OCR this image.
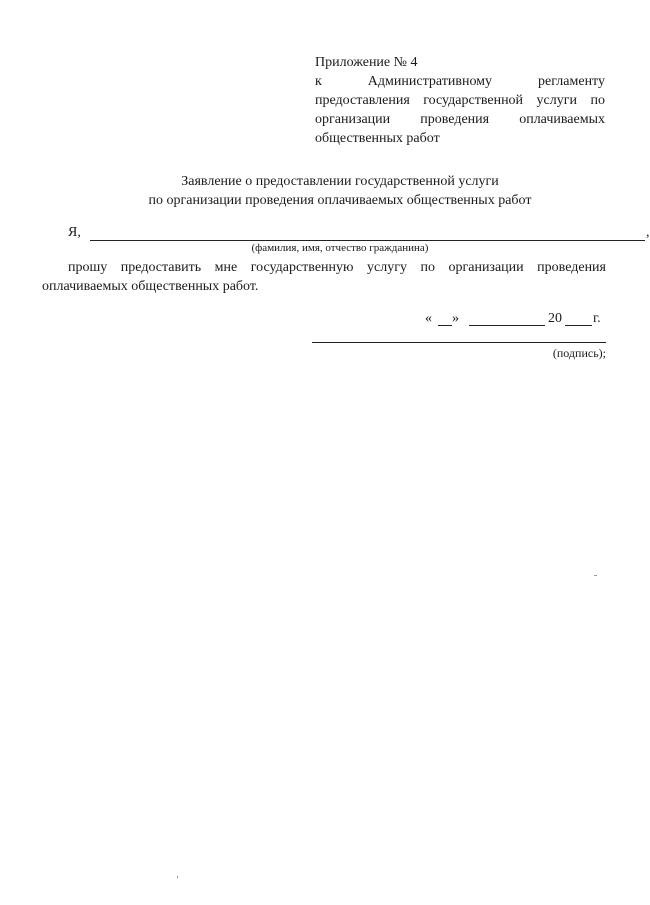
Приложение № 4
к Административному регламенту
предоставления государственной услуги по
организации проведения оплачиваемых
общественных работ
Заявление о предоставлении государственной услуги
по организации проведения оплачиваемых общественных работ
Я,	,
(фамилия, имя, отчество гражданина)
прошу предоставить мне государственную услугу по организации проведения
оплачиваемых общественных работ.
« »	20 г.
(подпись);
